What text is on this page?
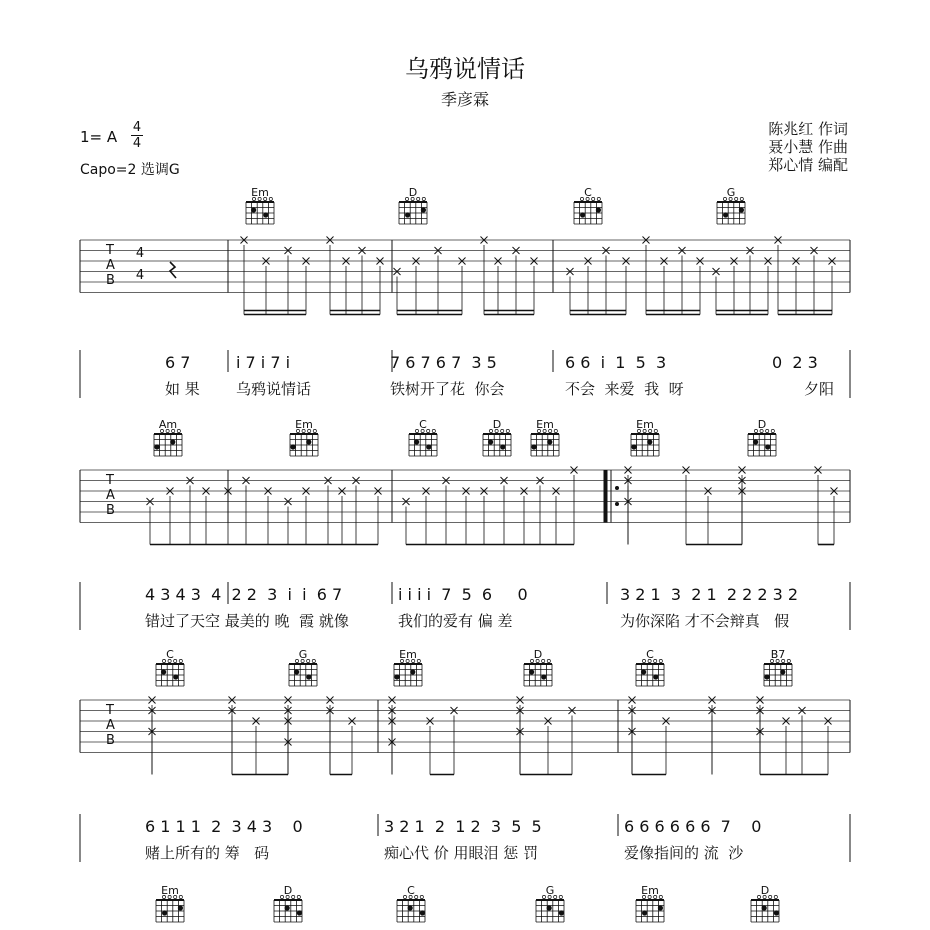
乌鸦说情话
季彦霖
1= A
4
4
Capo=2 选调G
陈兆红 作词
聂小慧 作曲
郑心情 编配
Em	D	C	G
T
A
B
4
4
6 7	i 7 i 7 i	7 6 7 6 7  3 5	6 6  i  1  5  3	0  2 3
如 果 乌鸦说情话	铁树开了花  你会	不会  来爱  我  呀	夕阳
Am	Em	C	D	Em	Em	D
T
A
B
4 3 4 3  4  2 2  3  i  i  6 7	i i i i  7  5  6     0	3 2 1  3  2 1  2 2 2 3 2
错过了天空 最美的 晚  霞 就像	我们的爱有 偏 差	为你深陷 才不会辩真   假
C	G	Em	D	C	B7
T
A
B
6 1 1 1  2  3 4 3    0	3 2 1  2  1 2  3  5  5	6 6 6 6 6 6  7    0
赌上所有的 筹   码	痴心代 价 用眼泪 惩 罚	爱像指间的 流  沙
Em	D	C	G	Em	D
